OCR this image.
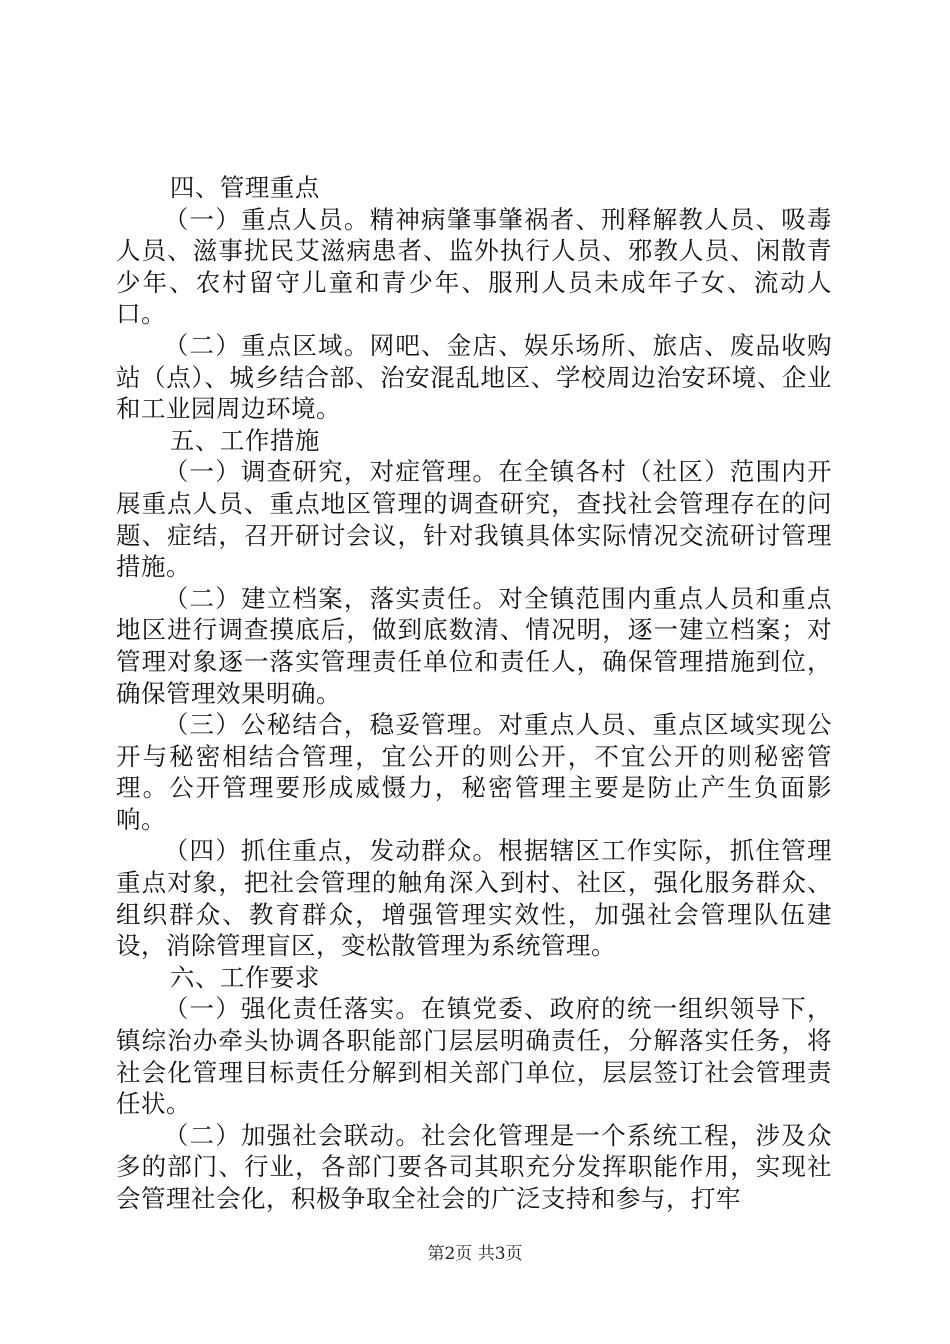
四、管理重点

（一）重点人员。精神病肇事肇祸者、刑释解教人员、吸毒人员、滋事扰民艾滋病患者、监外执行人员、邪教人员、闲散青少年、农村留守儿童和青少年、服刑人员未成年子女、流动人口。

（二）重点区域。网吧、金店、娱乐场所、旅店、废品收购站（点）、城乡结合部、治安混乱地区、学校周边治安环境、企业和工业园周边环境。

五、工作措施

（一）调查研究，对症管理。在全镇各村（社区）范围内开展重点人员、重点地区管理的调查研究，查找社会管理存在的问题、症结，召开研讨会议，针对我镇具体实际情况交流研讨管理措施。

（二）建立档案，落实责任。对全镇范围内重点人员和重点地区进行调查摸底后，做到底数清、情况明，逐一建立档案；对管理对象逐一落实管理责任单位和责任人，确保管理措施到位，确保管理效果明确。

（三）公秘结合，稳妥管理。对重点人员、重点区域实现公开与秘密相结合管理，宜公开的则公开，不宜公开的则秘密管理。公开管理要形成威慑力，秘密管理主要是防止产生负面影响。

（四）抓住重点，发动群众。根据辖区工作实际，抓住管理重点对象，把社会管理的触角深入到村、社区，强化服务群众、组织群众、教育群众，增强管理实效性，加强社会管理队伍建设，消除管理盲区，变松散管理为系统管理。

六、工作要求

（一）强化责任落实。在镇党委、政府的统一组织领导下，镇综治办牵头协调各职能部门层层明确责任，分解落实任务，将社会化管理目标责任分解到相关部门单位，层层签订社会管理责任状。

（二）加强社会联动。社会化管理是一个系统工程，涉及众多的部门、行业，各部门要各司其职充分发挥职能作用，实现社会管理社会化，积极争取全社会的广泛支持和参与，打牢

第2页 共3页
